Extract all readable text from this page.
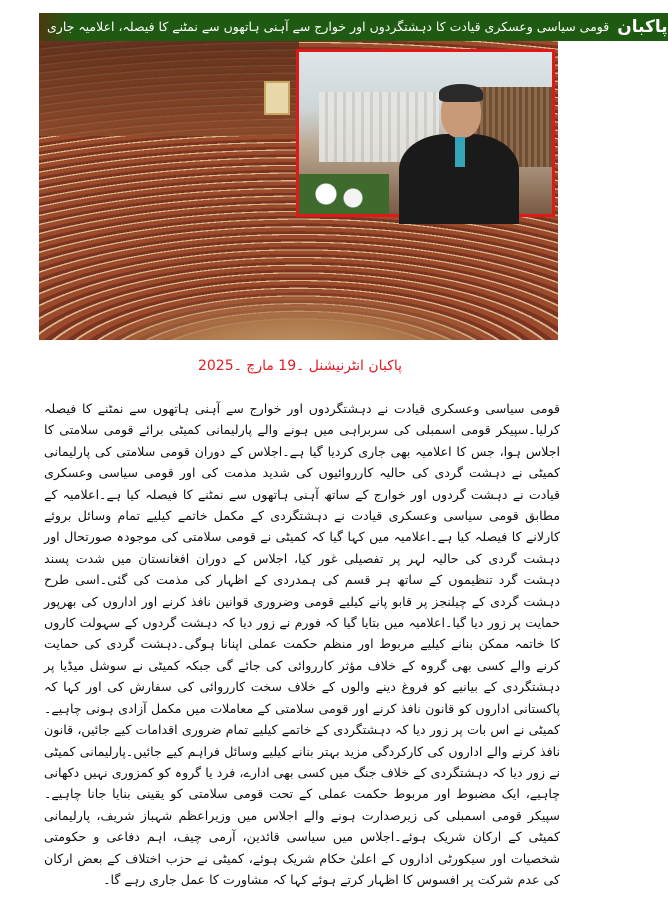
قومی سیاسی وعسکری قیادت کا دہشتگردوں اور خوارج سے آہنی ہاتھوں سے نمٹنے کا فیصلہ، اعلامیہ جاری پاکبان
پاکبان انٹرنیشنل ۔19 مارچ ۔2025
قومی سیاسی وعسکری قیادت نے دہشتگردوں اور خوارج سے آہنی ہاتھوں سے نمٹنے کا فیصلہ کرلیا۔سپیکر قومی اسمبلی کی سربراہی میں ہونے والے پارلیمانی کمیٹی برائے قومی سلامتی کا اجلاس ہوا، جس کا اعلامیہ بھی جاری کردیا گیا ہے۔اجلاس کے دوران قومی سلامتی کی پارلیمانی کمیٹی نے دہشت گردی کی حالیہ کارروائیوں کی شدید مذمت کی اور قومی سیاسی وعسکری قیادت نے دہشت گردوں اور خوارج کے ساتھ آہنی ہاتھوں سے نمٹنے کا فیصلہ کیا ہے۔اعلامیہ کے مطابق قومی سیاسی وعسکری قیادت نے دہشتگردی کے مکمل خاتمے کیلیے تمام وسائل بروئے کارلانے کا فیصلہ کیا ہے۔اعلامیہ میں کہا گیا کہ کمیٹی نے قومی سلامتی کی موجودہ صورتحال اور دہشت گردی کی حالیہ لہر پر تفصیلی غور کیا، اجلاس کے دوران افغانستان میں شدت پسند دہشت گرد تنظیموں کے ساتھ ہر قسم کی ہمدردی کے اظہار کی مذمت کی گئی۔اسی طرح دہشت گردی کے چیلنجز پر قابو پانے کیلیے قومی وضروری قوانین نافذ کرنے اور اداروں کی بھرپور حمایت پر زور دیا گیا۔اعلامیہ میں بتایا گیا کہ فورم نے زور دیا کہ دہشت گردوں کے سہولت کاروں کا خاتمہ ممکن بنانے کیلیے مربوط اور منظم حکمت عملی اپنانا ہوگی۔دہشت گردی کی حمایت کرنے والے کسی بھی گروہ کے خلاف مؤثر کارروائی کی جائے گی جبکہ کمیٹی نے سوشل میڈیا پر دہشتگردی کے بیانیے کو فروغ دینے والوں کے خلاف سخت کارروائی کی سفارش کی اور کہا کہ پاکستانی اداروں کو قانون نافذ کرنے اور قومی سلامتی کے معاملات میں مکمل آزادی ہونی چاہیے۔کمیٹی نے اس بات پر زور دیا کہ دہشتگردی کے خاتمے کیلیے تمام ضروری اقدامات کیے جائیں، قانون نافذ کرنے والے اداروں کی کارکردگی مزید بہتر بنانے کیلیے وسائل فراہم کیے جائیں۔پارلیمانی کمیٹی نے زور دیا کہ دہشتگردی کے خلاف جنگ میں کسی بھی ادارے، فرد یا گروہ کو کمزوری نہیں دکھانی چاہیے، ایک مضبوط اور مربوط حکمت عملی کے تحت قومی سلامتی کو یقینی بنایا جانا چاہیے۔سپیکر قومی اسمبلی کی زیرصدارت ہونے والے اجلاس میں وزیراعظم شہباز شریف، پارلیمانی کمیٹی کے ارکان شریک ہوئے۔اجلاس میں سیاسی قائدین، آرمی چیف، اہم دفاعی و حکومتی شخصیات اور سیکورٹی اداروں کے اعلیٰ حکام شریک ہوئے، کمیٹی نے حزب اختلاف کے بعض ارکان کی عدم شرکت پر افسوس کا اظہار کرتے ہوئے کہا کہ مشاورت کا عمل جاری رہے گا۔
